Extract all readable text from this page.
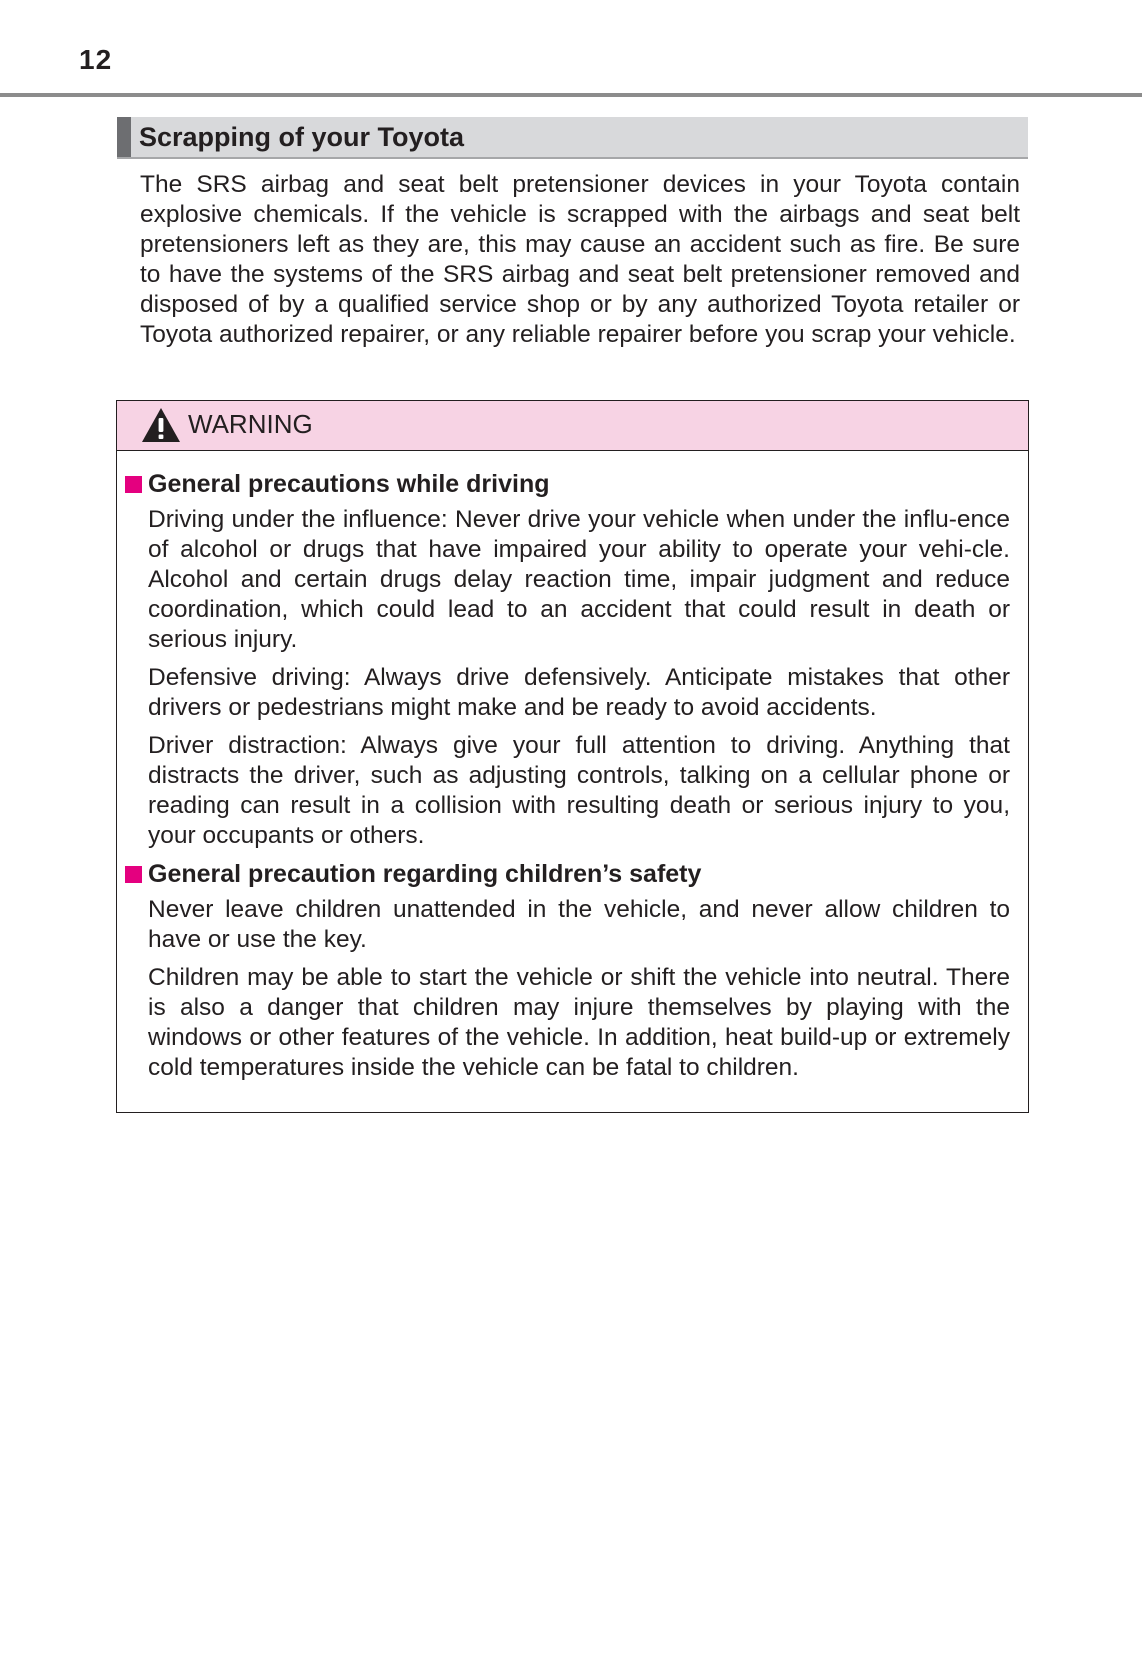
12
Scrapping of your Toyota

The SRS airbag and seat belt pretensioner devices in your Toyota contain explosive chemicals. If the vehicle is scrapped with the airbags and seat belt pretensioners left as they are, this may cause an accident such as fire. Be sure to have the systems of the SRS airbag and seat belt pretensioner removed and disposed of by a qualified service shop or by any authorized Toyota retailer or Toyota authorized repairer, or any reliable repairer before you scrap your vehicle.

WARNING
General precautions while driving

Driving under the influence: Never drive your vehicle when under the influ-ence of alcohol or drugs that have impaired your ability to operate your vehi-cle. Alcohol and certain drugs delay reaction time, impair judgment and reduce coordination, which could lead to an accident that could result in death or serious injury.

Defensive driving: Always drive defensively. Anticipate mistakes that other drivers or pedestrians might make and be ready to avoid accidents.

Driver distraction: Always give your full attention to driving. Anything that distracts the driver, such as adjusting controls, talking on a cellular phone or reading can result in a collision with resulting death or serious injury to you, your occupants or others.

General precaution regarding children’s safety

Never leave children unattended in the vehicle, and never allow children to have or use the key.

Children may be able to start the vehicle or shift the vehicle into neutral. There is also a danger that children may injure themselves by playing with the windows or other features of the vehicle. In addition, heat build-up or extremely cold temperatures inside the vehicle can be fatal to children.
